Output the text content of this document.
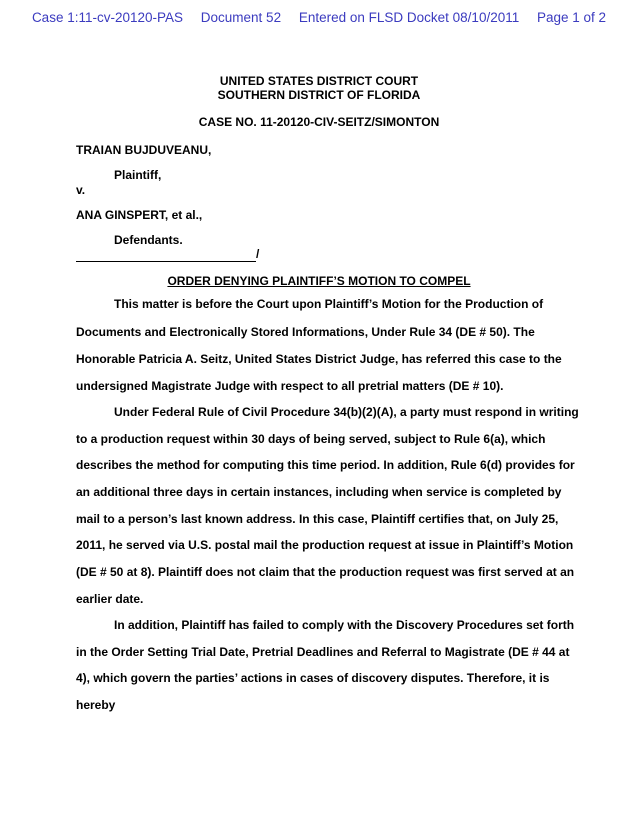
Case 1:11-cv-20120-PAS Document 52 Entered on FLSD Docket 08/10/2011 Page 1 of 2
UNITED STATES DISTRICT COURT
SOUTHERN DISTRICT OF FLORIDA
CASE NO. 11-20120-CIV-SEITZ/SIMONTON
TRAIAN BUJDUVEANU,
Plaintiff,
v.
ANA GINSPERT, et al.,
Defendants.
/
ORDER DENYING PLAINTIFF’S MOTION TO COMPEL
This matter is before the Court upon Plaintiff’s Motion for the Production of
Documents and Electronically Stored Informations, Under Rule 34 (DE # 50). The
Honorable Patricia A. Seitz, United States District Judge, has referred this case to the
undersigned Magistrate Judge with respect to all pretrial matters (DE # 10).
Under Federal Rule of Civil Procedure 34(b)(2)(A), a party must respond in writing
to a production request within 30 days of being served, subject to Rule 6(a), which
describes the method for computing this time period. In addition, Rule 6(d) provides for
an additional three days in certain instances, including when service is completed by
mail to a person’s last known address. In this case, Plaintiff certifies that, on July 25,
2011, he served via U.S. postal mail the production request at issue in Plaintiff’s Motion
(DE # 50 at 8). Plaintiff does not claim that the production request was first served at an
earlier date.
In addition, Plaintiff has failed to comply with the Discovery Procedures set forth
in the Order Setting Trial Date, Pretrial Deadlines and Referral to Magistrate (DE # 44 at
4), which govern the parties’ actions in cases of discovery disputes. Therefore, it is
hereby
